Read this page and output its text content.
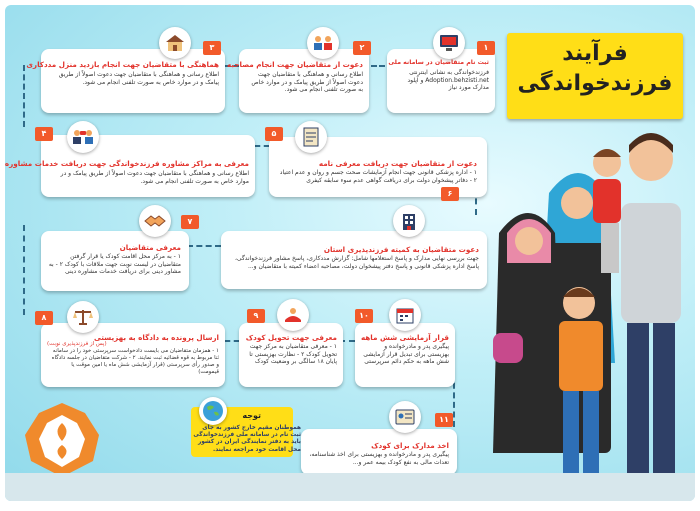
فرآیند
فرزندخواندگی
ثبت نام متقاضیان در سامانه ملی
فرزندخواندگی به نشانی اینترنتی Adoption.behzisti.net و آپلود مدارک مورد نیاز
۱
دعوت از متقاضیان جهت انجام مصاحبه
اطلاع رسانی و هماهنگی با متقاضیان جهت دعوت اصولاً از طریق پیامک و در موارد خاص به صورت تلفنی انجام می شود.
۲
هماهنگی با متقاضیان جهت انجام بازدید منزل مددکاری
اطلاع رسانی و هماهنگی با متقاضیان جهت دعوت اصولاً از طریق پیامک و در موارد خاص به صورت تلفنی انجام می شود.
۳
معرفی به مراکز مشاوره فرزندخواندگی جهت دریافت خدمات مشاوره
اطلاع رسانی و هماهنگی با متقاضیان جهت دعوت اصولاً از طریق پیامک و در موارد خاص به صورت تلفنی انجام می شود.
۴
دعوت از متقاضیان جهت دریافت معرفی نامه
۱ - اداره پزشکی قانونی جهت انجام آزمایشات صحت جسم و روان و عدم اعتیاد ۲ - دفاتر پیشخوان دولت برای دریافت گواهی عدم سوء سابقه کیفری
۵
دعوت متقاضیان به کمیته فرزندپذیری استان
جهت بررسی نهایی مدارک و پاسخ استعلامها شامل: گزارش مددکاری، پاسخ مشاور فرزندخواندگی، پاسخ اداره پزشکی قانونی و پاسخ دفتر پیشخوان دولت، مصاحبه اعضاء کمیته با متقاضیان و...
۶
معرفی متقاضیان
۱ - به مرکز محل اقامت کودک یا قرار گرفتن متقاضیان در لیست نوبت جهت ملاقات با کودک ۲ - به مشاور دینی برای دریافت خدمات مشاوره دینی
۷
ارسال پرونده به دادگاه به بهزیستی
(پس از فرزندپذیری نوبت)
۱ - همزمان متقاضیان می بایست دادخواست سرپرستی خود را در سامانه ثنا مربوط به قوه قضائیه ثبت نمایند. ۲ - شرکت متقاضیان در جلسه دادگاه و صدور رأی سرپرستی (قرار آزمایشی شش ماه یا امین موقت یا قیمومت)
۸
معرفی جهت تحویل کودک
۱ - معرفی متقاضیان به مرکز جهت تحویل کودک ۲ - نظارت بهزیستی تا پایان ۱۸ سالگی بر وضعیت کودک
۹
قرار آزمایشی شش ماهه
پیگیری پدر و مادرخوانده و بهزیستی برای تبدیل قرار آزمایشی شش ماهه به حکم دائم سرپرستی
۱۰
اخذ مدارک برای کودک
پیگیری پدر و مادرخوانده و بهزیستی برای اخذ شناسنامه، تعدات مالی به نفع کودک بیمه عمر و...
۱۱
توجه
هموطنان مقیم خارج کشور به جای ثبت نام در سامانه ملی فرزندخواندگی باید به دفتر نمایندگی ایران در کشور محل اقامت خود مراجعه نمایند.
